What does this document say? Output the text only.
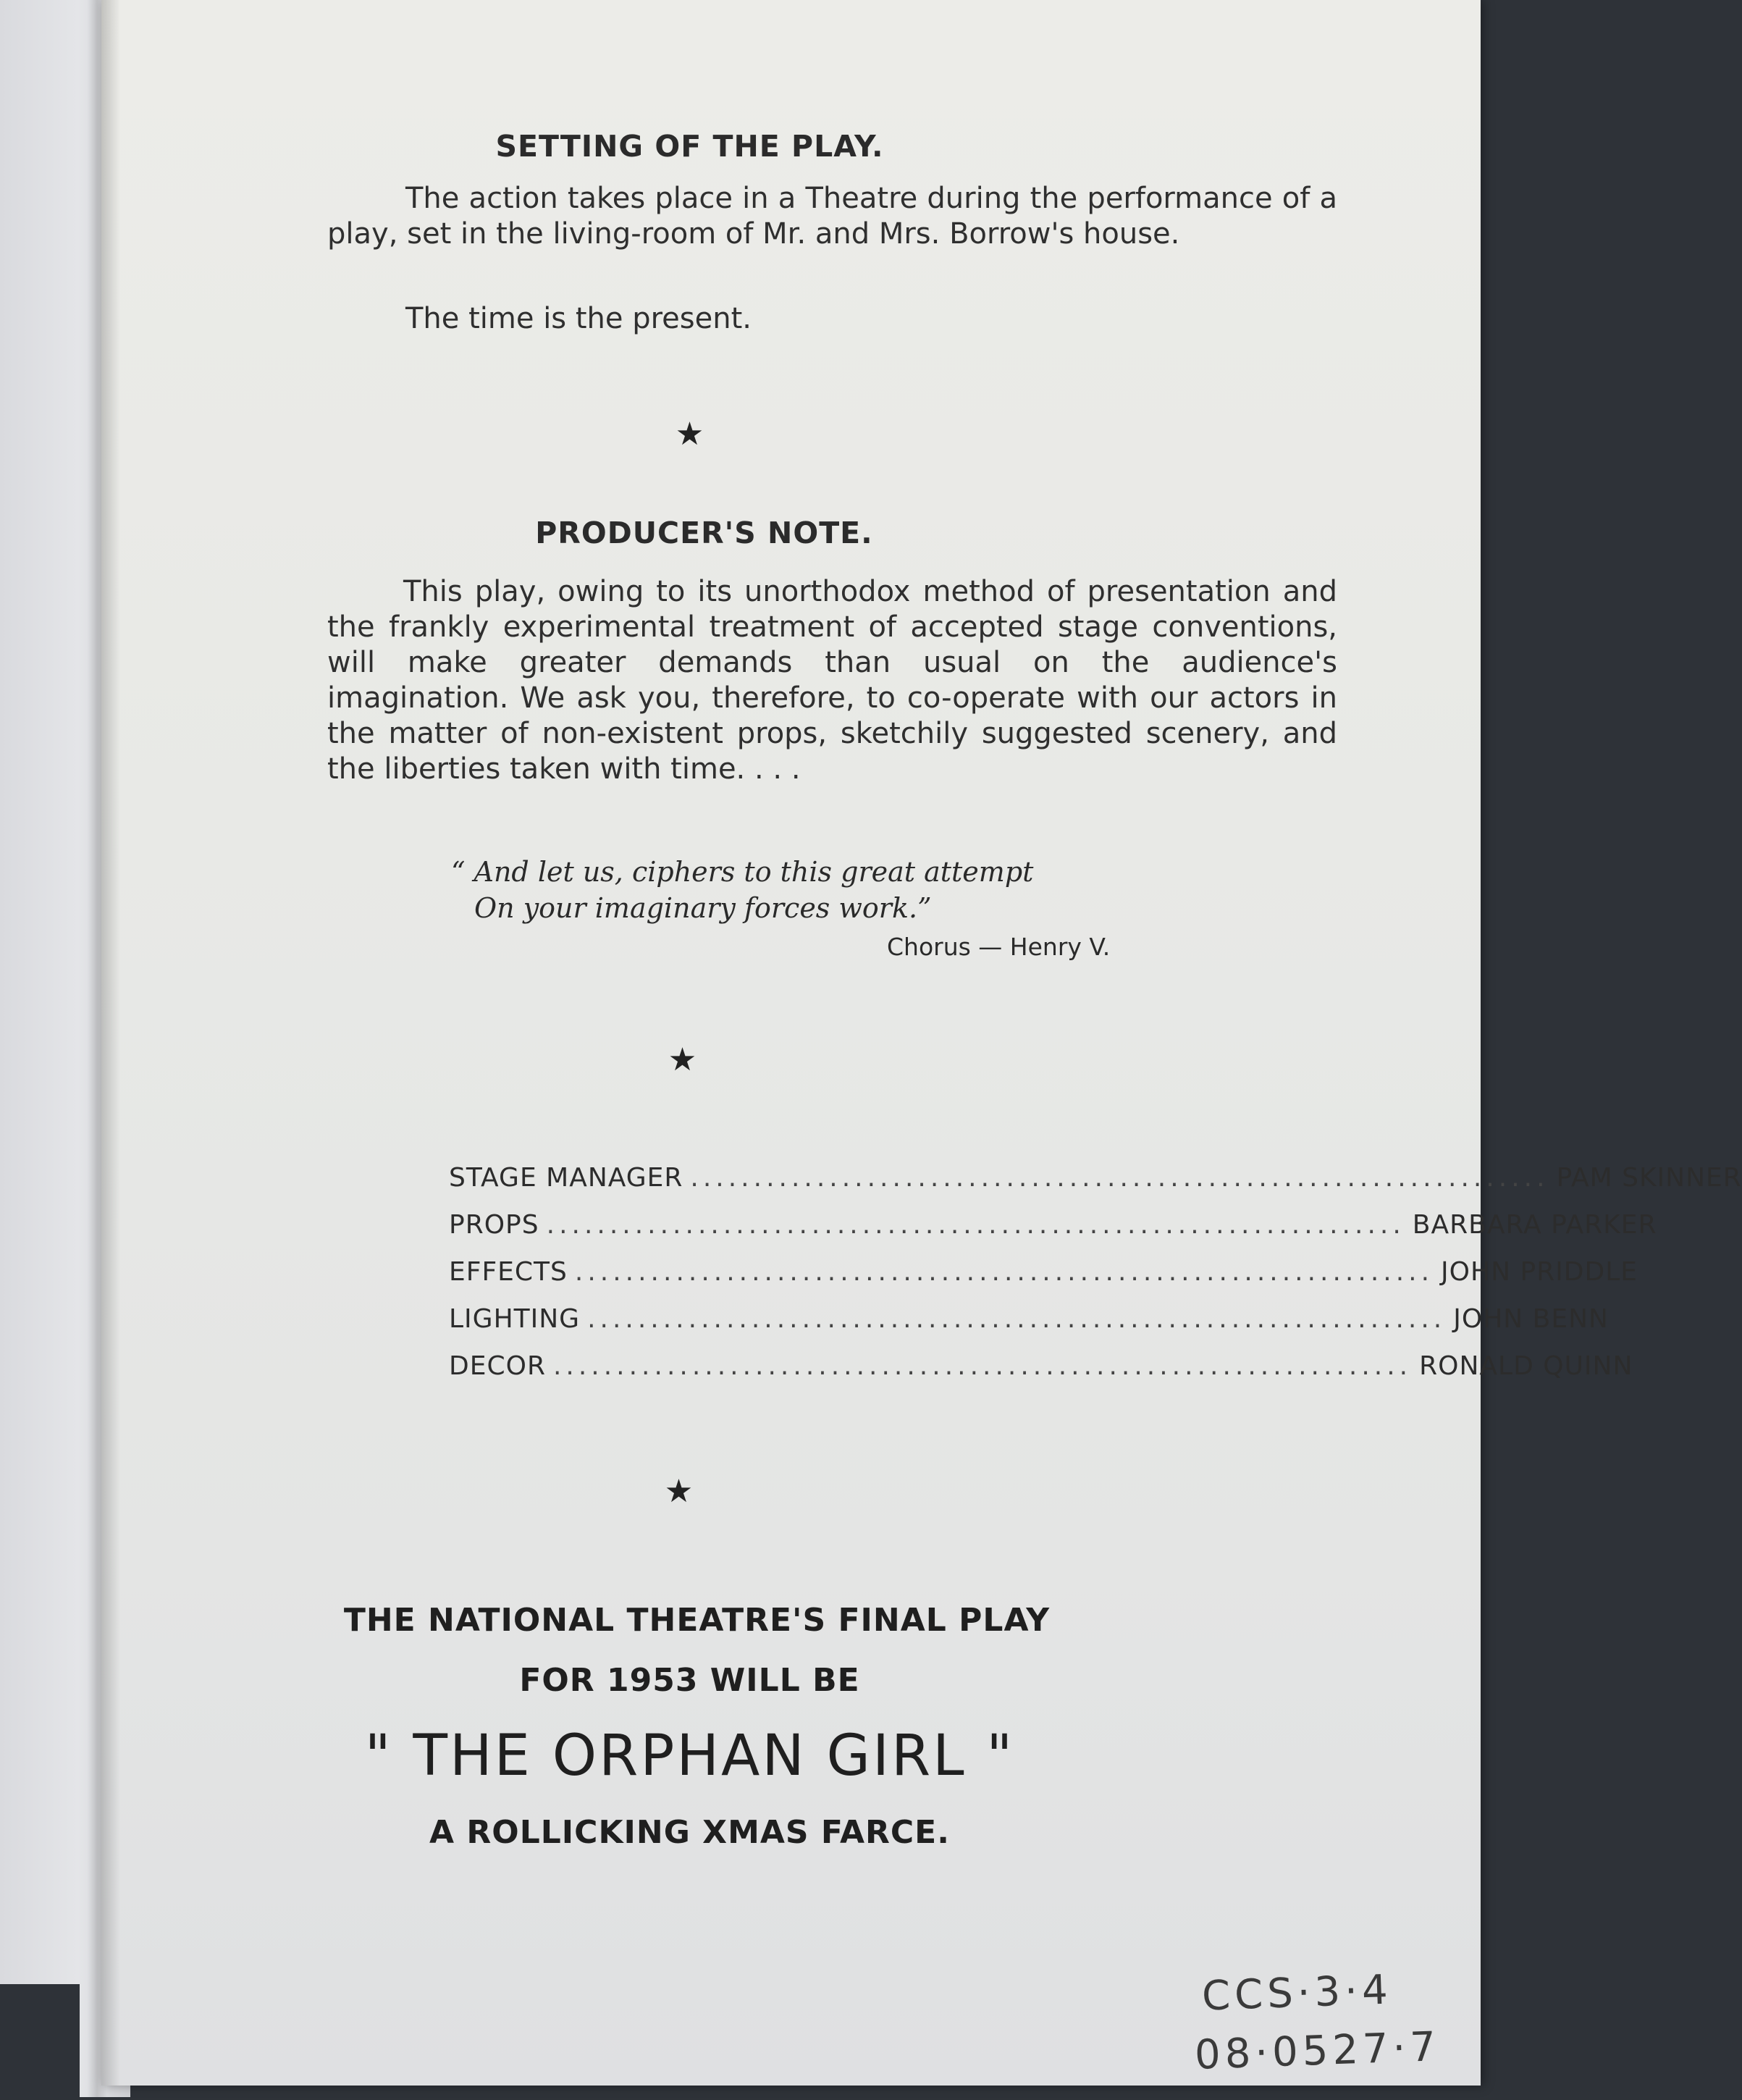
SETTING OF THE PLAY.
The action takes place in a Theatre during the performance of a play, set in the living-room of Mr. and Mrs. Borrow's house.
The time is the present.
★
PRODUCER'S NOTE.
This play, owing to its unorthodox method of presentation and the frankly experimental treatment of accepted stage conventions, will make greater demands than usual on the audience's imagination. We ask you, therefore, to co-operate with our actors in the matter of non-existent props, sketchily suggested scenery, and the liberties taken with time. . . .
“ And let us, ciphers to this great attempt
On your imaginary forces work.”
Chorus — Henry V.
★
STAGE MANAGER .................................................................... PAM SKINNER
PROPS .................................................................... BARBARA PARKER
EFFECTS .................................................................... JOHN PRIDDLE
LIGHTING .................................................................... JOHN BENN
DECOR .................................................................... RONALD QUINN
★
THE NATIONAL THEATRE'S FINAL PLAY
FOR 1953 WILL BE
" THE ORPHAN GIRL "
A ROLLICKING XMAS FARCE.
CCS·3·4
08·0527·7
